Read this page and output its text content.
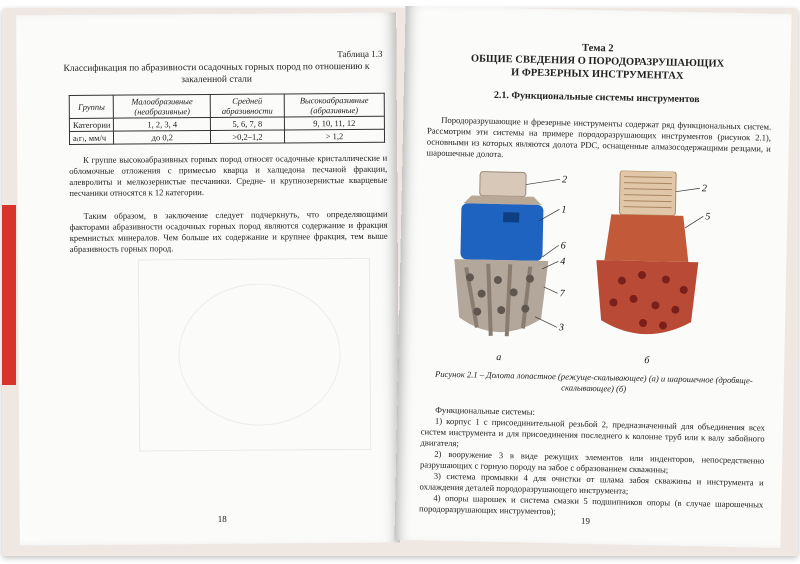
Таблица 1.3
Классификация по абразивности осадочных горных пород по отношению к закаленной стали
Группы	Малоабразивные (неабразивные)	Средней абразивности	Высокоабразивные (абразивные)
Категории	1, 2, 3, 4	5, 6, 7, 8	9, 10, 11, 12
а₍г₎, мм/ч	до 0,2	>0,2–1,2	> 1,2
К группе высокоабразивных горных пород относят осадочные кристаллические и обломочные отложения с примесью кварца и халцедона песчаной фракции, алевролиты и мелкозернистые песчаники. Средне- и крупнозернистые кварцевые песчаники относятся к 12 категории.
Таким образом, в заключение следует подчеркнуть, что определяющими факторами абразивности осадочных горных пород являются содержание и фракция кремнистых минералов. Чем больше их содержание и крупнее фракция, тем выше абразивность горных пород.
18
Тема 2
ОБЩИЕ СВЕДЕНИЯ О ПОРОДОРАЗРУШАЮЩИХ
И ФРЕЗЕРНЫХ ИНСТРУМЕНТАХ
2.1. Функциональные системы инструментов
Породоразрушающие и фрезерные инструменты содержат ряд функциональных систем. Рассмотрим эти системы на примере породоразрушающих инструментов (рисунок 2.1), основными из которых являются долота PDC, оснащенные алмазосодержащими резцами, и шарошечные долота.
2
1
6
4
7
3
2
5
а	б
Рисунок 2.1 – Долота лопастное (режуще-скалывающее) (а) и шарошечное (дробяще-скалывающее) (б)

Функциональные системы:

1) корпус 1 с присоединительной резьбой 2, предназначенный для объединения всех систем инструмента и для присоединения последнего к колонне труб или к валу забойного двигателя;

2) вооружение 3 в виде режущих элементов или инденторов, непосредственно разрушающих с горную породу на забое с образованием скважины;

3) система промывки 4 для очистки от шлама забоя скважины и инструмента и охлаждения деталей породоразрушающего инструмента;

4) опоры шарошек и система смазки 5 подшипников опоры (в случае шарошечных породоразрушающих инструментов);

19
